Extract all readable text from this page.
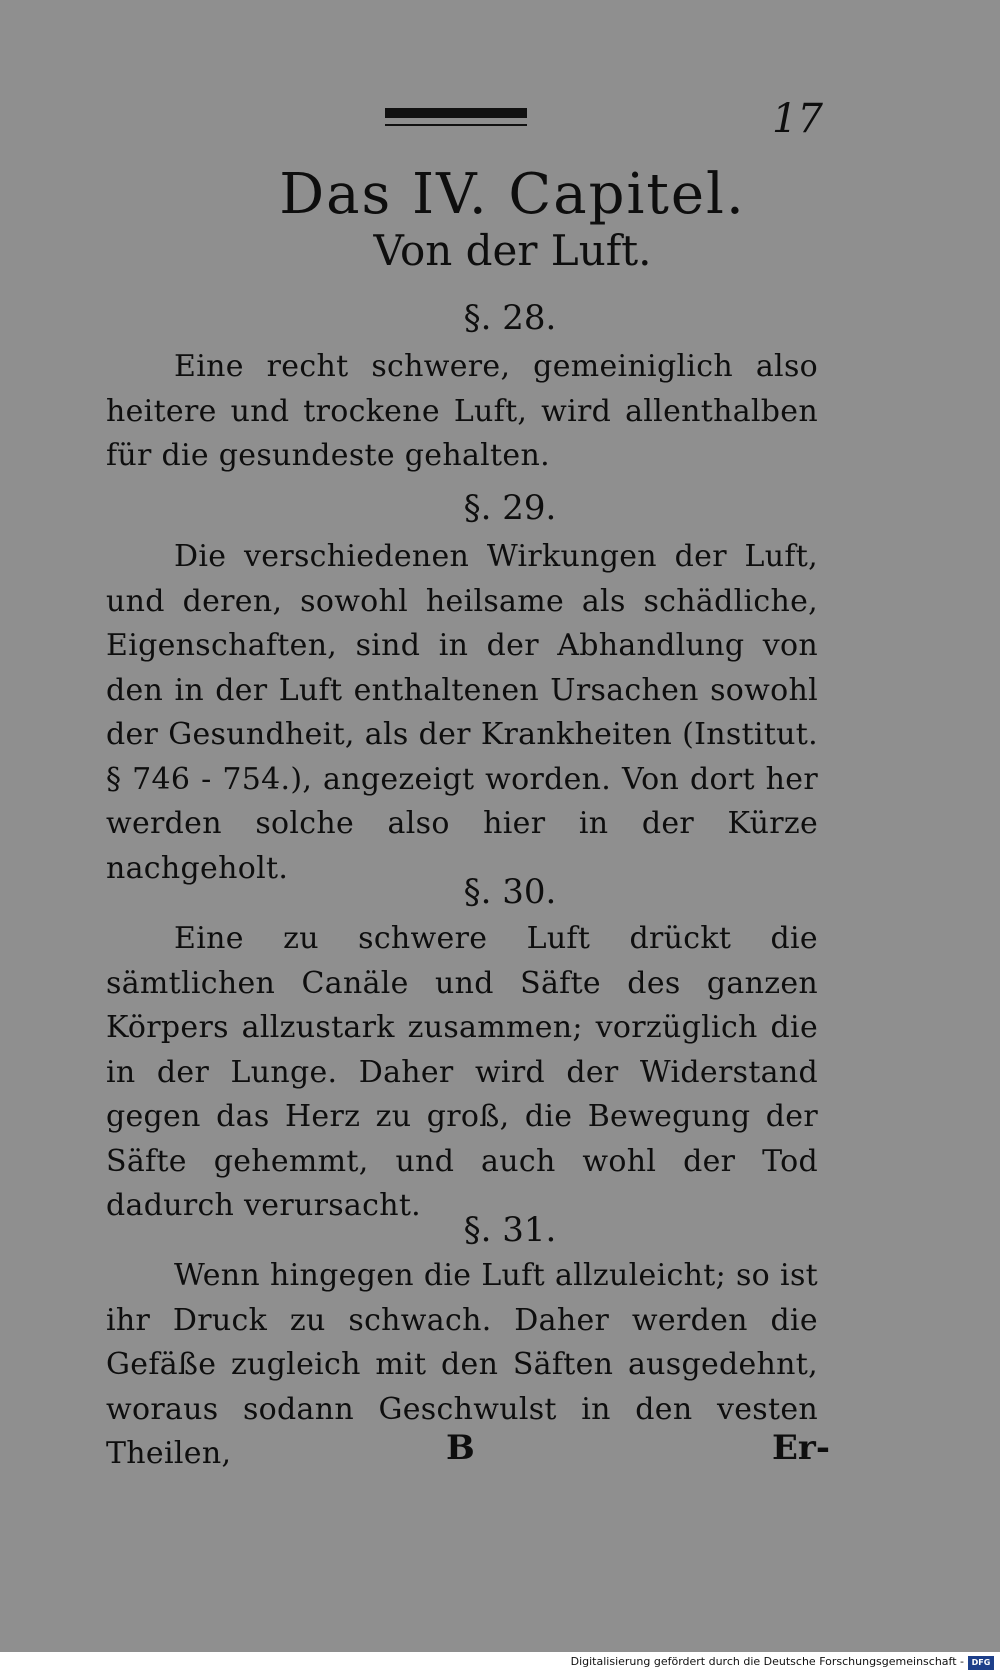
17
Das IV. Capitel.
Von der Luft.
§. 28.
Eine recht schwere, gemeiniglich also heitere und trockene Luft, wird allenthalben für die gesundeste gehalten.
§. 29.
Die verschiedenen Wirkungen der Luft, und deren, sowohl heilsame als schädliche, Eigenschaften, sind in der Abhandlung von den in der Luft enthaltenen Ursachen sowohl der Gesundheit, als der Krankheiten (Institut. § 746 - 754.), angezeigt worden. Von dort her werden solche also hier in der Kürze nachgeholt.
§. 30.
Eine zu schwere Luft drückt die sämtlichen Canäle und Säfte des ganzen Körpers allzustark zusammen; vorzüglich die in der Lunge. Daher wird der Widerstand gegen das Herz zu groß, die Bewegung der Säfte gehemmt, und auch wohl der Tod dadurch verursacht.
§. 31.
Wenn hingegen die Luft allzuleicht; so ist ihr Druck zu schwach. Daher werden die Gefäße zugleich mit den Säften ausgedehnt, woraus sodann Geschwulst in den vesten Theilen,	B	Er-
Digitalisierung gefördert durch die Deutsche Forschungsgemeinschaft - DFG
